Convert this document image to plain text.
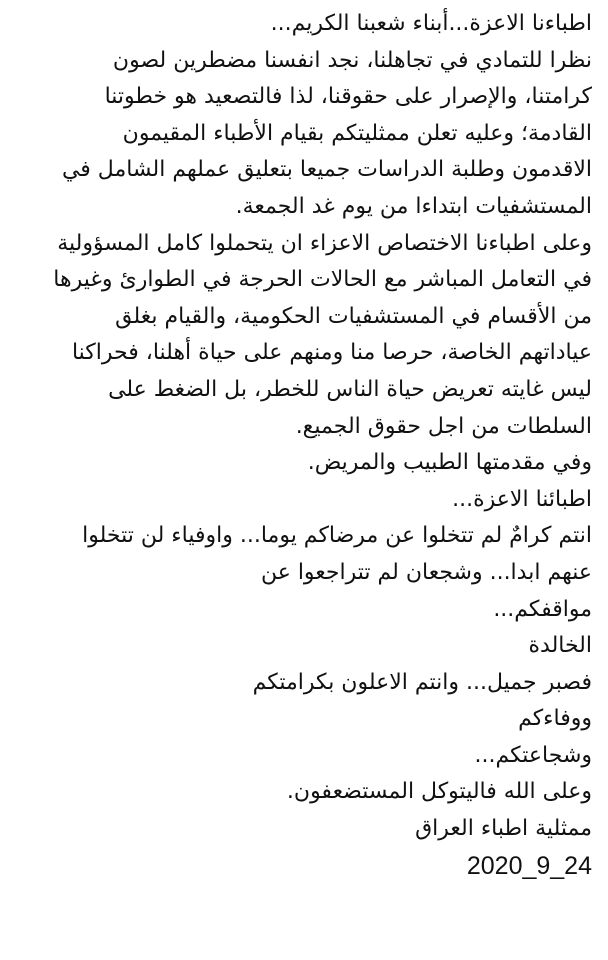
اطباءنا الاعزة...أبناء شعبنا الكريم...
نظرا للتمادي في تجاهلنا، نجد انفسنا مضطرين لصون
كرامتنا، والإصرار على حقوقنا، لذا فالتصعيد هو خطوتنا
القادمة؛ وعليه تعلن ممثليتكم بقيام الأطباء المقيمون
الاقدمون وطلبة الدراسات جميعا بتعليق عملهم الشامل في
المستشفيات ابتداءا من يوم غد الجمعة.
وعلى اطباءنا الاختصاص الاعزاء ان يتحملوا كامل المسؤولية
في التعامل المباشر مع الحالات الحرجة في الطوارئ وغيرها
من الأقسام في المستشفيات الحكومية، والقيام بغلق
عياداتهم الخاصة، حرصا منا ومنهم على حياة أهلنا، فحراكنا
ليس غايته تعريض حياة الناس للخطر، بل الضغط على
السلطات من اجل حقوق الجميع.
وفي مقدمتها الطبيب والمريض.
اطبائنا الاعزة...
انتم كرامٌ لم تتخلوا عن مرضاكم يوما... واوفياء لن تتخلوا
عنهم ابدا... وشجعان لم تتراجعوا عن
مواقفكم...
الخالدة
فصبر جميل... وانتم الاعلون بكرامتكم
ووفاءكم
وشجاعتكم...
وعلى الله فاليتوكل المستضعفون.
ممثلية اطباء العراق
2020_9_24
